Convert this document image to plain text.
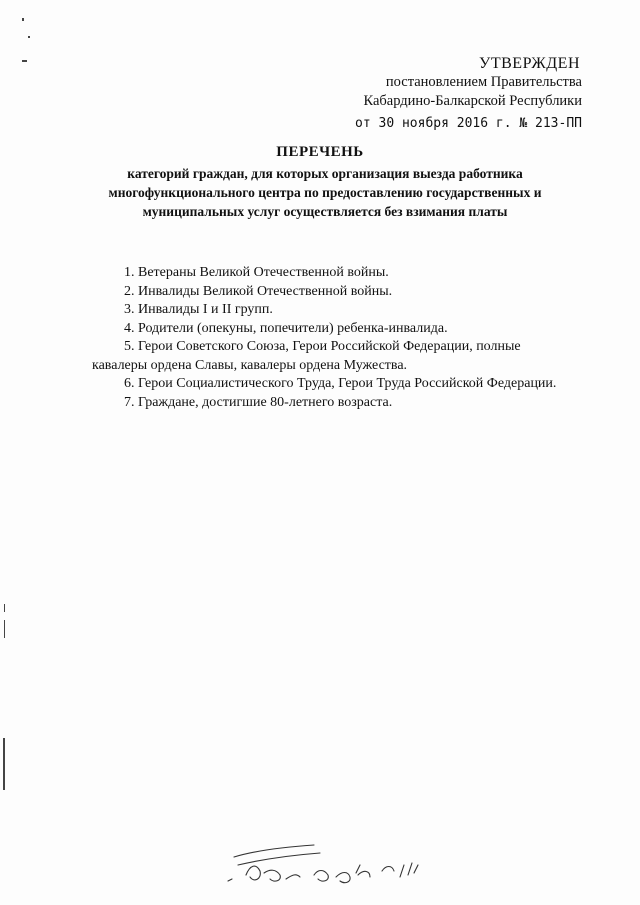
УТВЕРЖДЕН
постановлением Правительства
Кабардино-Балкарской Республики
от 30 ноября 2016 г. № 213-ПП
ПЕРЕЧЕНЬ
категорий граждан, для которых организация выезда работника многофункционального центра по предоставлению государственных и муниципальных услуг осуществляется без взимания платы
1. Ветераны Великой Отечественной войны.
2. Инвалиды Великой Отечественной войны.
3. Инвалиды I и II групп.
4. Родители (опекуны, попечители) ребенка-инвалида.
5. Герои Советского Союза, Герои Российской Федерации, полные кавалеры ордена Славы, кавалеры ордена Мужества.
6. Герои Социалистического Труда, Герои Труда Российской Федерации.
7. Граждане, достигшие 80-летнего возраста.
